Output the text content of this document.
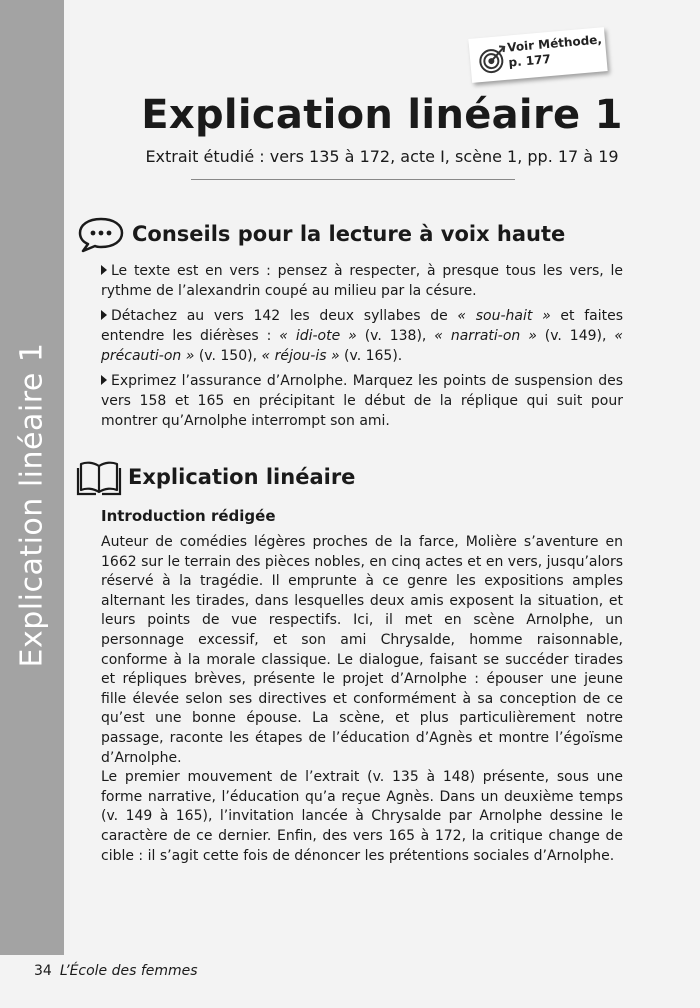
Explication linéaire 1
Voir Méthode,
p. 177
Explication linéaire 1
Extrait étudié : vers 135 à 172, acte I, scène 1, pp. 17 à 19
Conseils pour la lecture à voix haute

Le texte est en vers : pensez à respecter, à presque tous les vers, le rythme de l’alexandrin coupé au milieu par la césure.

Détachez au vers 142 les deux syllabes de « sou-hait » et faites entendre les diérèses : « idi-ote » (v. 138), « narrati-on » (v. 149), « précauti-on » (v. 150), « réjou-is » (v. 165).

Exprimez l’assurance d’Arnolphe. Marquez les points de suspension des vers 158 et 165 en précipitant le début de la réplique qui suit pour montrer qu’Arnolphe interrompt son ami.

Explication linéaire
Introduction rédigée

Auteur de comédies légères proches de la farce, Molière s’aventure en 1662 sur le terrain des pièces nobles, en cinq actes et en vers, jusqu’alors réservé à la tragédie. Il emprunte à ce genre les expositions amples alternant les tirades, dans lesquelles deux amis exposent la situation, et leurs points de vue respectifs. Ici, il met en scène Arnolphe, un personnage excessif, et son ami Chrysalde, homme raisonnable, conforme à la morale classique. Le dialogue, faisant se succéder tirades et répliques brèves, présente le projet d’Arnolphe : épouser une jeune fille élevée selon ses directives et conformément à sa conception de ce qu’est une bonne épouse. La scène, et plus particulièrement notre passage, raconte les étapes de l’éducation d’Agnès et montre l’égoïsme d’Arnolphe.

Le premier mouvement de l’extrait (v. 135 à 148) présente, sous une forme narrative, l’éducation qu’a reçue Agnès. Dans un deuxième temps (v. 149 à 165), l’invitation lancée à Chrysalde par Arnolphe dessine le caractère de ce dernier. Enfin, des vers 165 à 172, la critique change de cible : il s’agit cette fois de dénoncer les prétentions sociales d’Arnolphe.

34 L’École des femmes
